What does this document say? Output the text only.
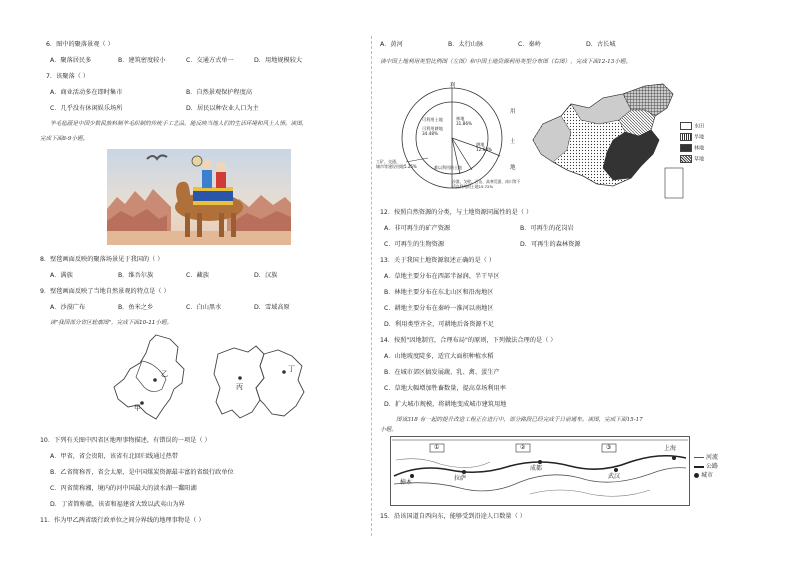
6．图中的聚落景观（ ）
A．聚落居民多	B．建筑密度较小	C．交通方式单一	D．用地规模较大
7．该聚落（ ）
A．商业活动多在即时集市	B．自然景观保护程度高
C．几乎没有休闲娱乐场所	D．居民以种农业人口为主
羊毛毡画是中国少数民族料制羊毛织制的传统手工艺品，能反映当地人们的生活环境和风土人情。读图，
完成下面8-9小题。
8．壁毯画面反映的聚落场景见于我国的（ ）
A．满族	B．维吾尔族	C．藏族	D．汉族
9．壁毯画面反映了当地自然景观的特点是（ ）
A．沙漠广布	B．鱼米之乡	C．白山黑水	D．雪域高原
读"我国部分省区轮廓图"，完成下面10-11小题。
乙
甲
丙
丁
10．下列有关图中四省区地理事物描述，有错误的一项是（ ）
A．甲省，省会贵阳，该省有北回归线通过热带
B．乙省简称晋，省会太原，是中国煤炭资源最丰富的省级行政单位
C．丙省简称湘，境内的河中国最大的淡水湖一鄱阳湖
D．丁省简称赣，该省和福建省大致以武夷山为界
11．作为甲乙两省级行政单位之间分界线的地理事物是（ ）
A．黄河	B．太行山脉	C．秦岭	D．古长城
读中国土地利用类型比例图（左图）和中国土地资源利用类型分布图（右图），完成下面12-13小题。
利
用
土
地
可利用土地
可利用耕地
34.48%
林地
31.86%
耕地
12.68%
工矿、交通、
城市等建设用地5.25%	难以利用的土地
沙漠、戈壁、石山、高寒荒漠、冰川等不适宜利用的土地15.72%
水田
旱地
林地
草地
12．按照自然资源的分类，与土地资源同属性的是（ ）
A．非可再生的矿产资源	B．可再生的花岗岩
C．可再生的生物资源	D．可再生的森林资源
13．关于我国土地资源叙述正确的是（ ）
A．草地主要分布在西部半湿润、半干旱区
B．林地主要分布在东北山区和沿海地区
C．耕地主要分布在秦岭一淮河以南地区
D．利用类型齐全，可耕地后备资源不足
14．按照"因地制宜，合理布局"的原则，下列做法合理的是（ ）
A．山地坡度陡多，适宜大面积种植水稻
B．在城市郊区搞发展蔬、乳、禽、蛋生产
C．草地大幅增加牲畜数量，提高草场利用率
D．扩大城市规模，将耕地变成城市建筑用地
图该318 有一起的提升改造工程正在进行中，部分路段已经完成于日前通车。读图，完成下面15-17
小题。
15．沿该国道自西向东，能够受到沿途人口数量（ ）
樟木
拉萨
成都
武汉
上海
①	②	③
河流
公路
城市
